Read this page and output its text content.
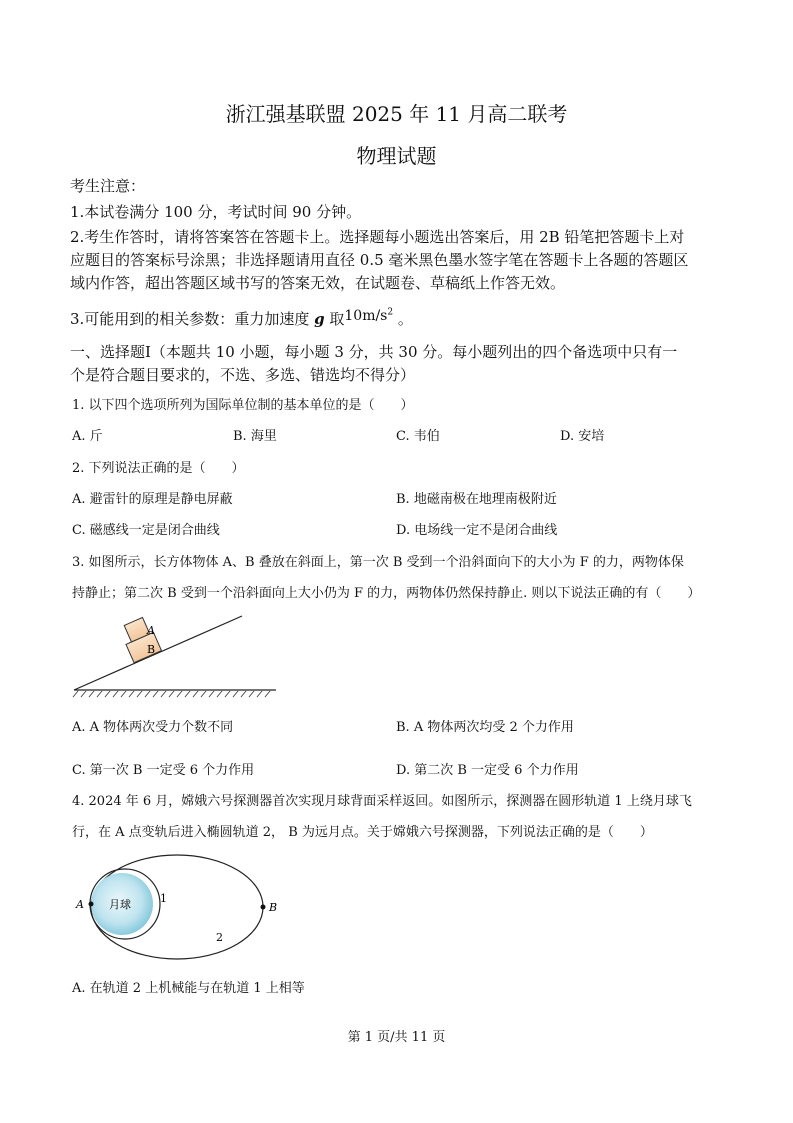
浙江强基联盟 2025 年 11 月高二联考
物理试题
考生注意：
1.本试卷满分 100 分，考试时间 90 分钟。
2.考生作答时，请将答案答在答题卡上。选择题每小题选出答案后，用 2B 铅笔把答题卡上对
应题目的答案标号涂黑；非选择题请用直径 0.5 毫米黑色墨水签字笔在答题卡上各题的答题区
域内作答，超出答题区域书写的答案无效，在试题卷、草稿纸上作答无效。
3.可能用到的相关参数：重力加速度 g 取$10m/s^2$ 。
一、选择题Ⅰ（本题共 10 小题，每小题 3 分，共 30 分。每小题列出的四个备选项中只有一
个是符合题目要求的，不选、多选、错选均不得分）
1. 以下四个选项所列为国际单位制的基本单位的是（　　）
A. 斤	B. 海里	C. 韦伯	D. 安培
2. 下列说法正确的是（　　）
A. 避雷针的原理是静电屏蔽	B. 地磁南极在地理南极附近
C. 磁感线一定是闭合曲线	D. 电场线一定不是闭合曲线
3. 如图所示，长方体物体 A、B 叠放在斜面上，第一次 B 受到一个沿斜面向下的大小为 F 的力，两物体保
持静止；第二次 B 受到一个沿斜面向上大小仍为 F 的力，两物体仍然保持静止. 则以下说法正确的有（　　）
B
A
A. A 物体两次受力个数不同	B. A 物体两次均受 2 个力作用
C. 第一次 B 一定受 6 个力作用	D. 第二次 B 一定受 6 个力作用
4. 2024 年 6 月，嫦娥六号探测器首次实现月球背面采样返回。如图所示，探测器在圆形轨道 1 上绕月球飞
行，在 A 点变轨后进入椭圆轨道 2， B 为远月点。关于嫦娥六号探测器，下列说法正确的是（　　）
A	B
月球	1
2
A. 在轨道 2 上机械能与在轨道 1 上相等
第 1 页/共 11 页
